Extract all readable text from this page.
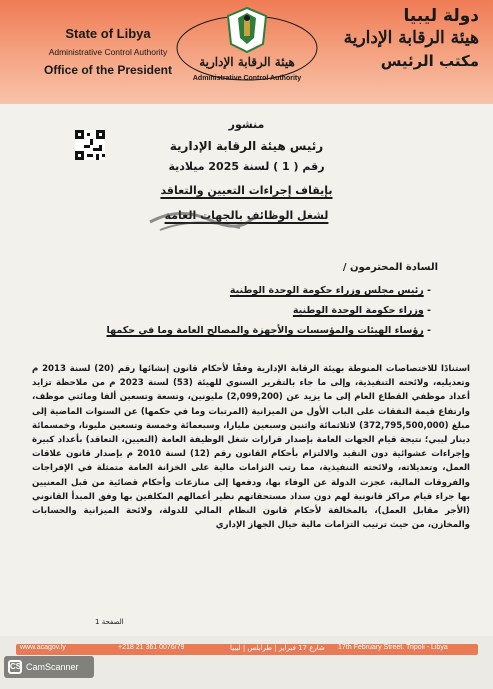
State of Libya
Administrative Control Authority
Office of the President
هيئة الرقابة الإدارية
Administrative Control Authority
دولة ليبيا
هيئة الرقابة الإدارية
مكتب الرئيس
منشور
رئيس هيئة الرقابة الإدارية
رقم ( 1 ) لسنة 2025 ميلادية
بإيقاف إجراءات التعيين والتعاقد
لشغل الوظائف بالجهات العامة
السادة المحترمون /
- رئيس مجلس وزراء حكومة الوحدة الوطنية
- وزراء حكومة الوحدة الوطنية
- رؤساء الهيئات والمؤسسات والأجهزة والمصالح العامة وما في حكمها

استنادًا للاختصاصات المنوطة بهيئة الرقابة الإدارية وفقًا لأحكام قانون إنشائها رقم (20) لسنة 2013 م وتعديليه، ولائحته التنفيذية، وإلى ما جاء بالتقرير السنوي للهيئة (53) لسنة 2023 م من ملاحظة تزايد أعداد موظفي القطاع العام إلى ما يزيد عن (2,099,200) مليونين، وتسعة وتسعين ألفا ومائتي موظف، وارتفاع قيمة النفقات على الباب الأول من الميزانية (المرتبات وما في حكمها) عن السنوات الماضية إلى مبلغ (372,795,500,000) لاثلاثمائة واثنين وسبعين مليارا، وسبعمائة وخمسة وتسعين مليونا، وخمسمائة دينار ليبي؛ نتيجة قيام الجهات العامة بإصدار قرارات شغل الوظيفة العامة (التعيين، التعاقد) بأعداد كبيرة وإجراءات عشوائية دون التقيد والالتزام بأحكام القانون رقم (12) لسنة 2010 م بإصدار قانون علاقات العمل، وتعديلاته، ولائحته التنفيذية، مما رتب التزامات مالية على الخزانة العامة متمثلة في الإفراجات والفروقات المالية، عجزت الدولة عن الوفاء بها، ودفعها إلى منازعات وأحكام قضائية من قبل المعنيين بها جراء قيام مراكز قانونية لهم دون سداد مستحقاتهم نظير أعمالهم المكلفين بها وفق المبدأ القانوني (الأجر مقابل العمل)، بالمخالفة لأحكام قانون النظام المالي للدولة، ولائحة الميزانية والحسابات والمخازن، من حيث ترتيب التزامات مالية حيال الجهاز الإداري

الصفحة 1
www.acagov.ly	+218 21 361 0076/79	شارع 17 فبراير | طرابلس | ليبيا 17th February Street. Tripoli - Libya
CS CamScanner
